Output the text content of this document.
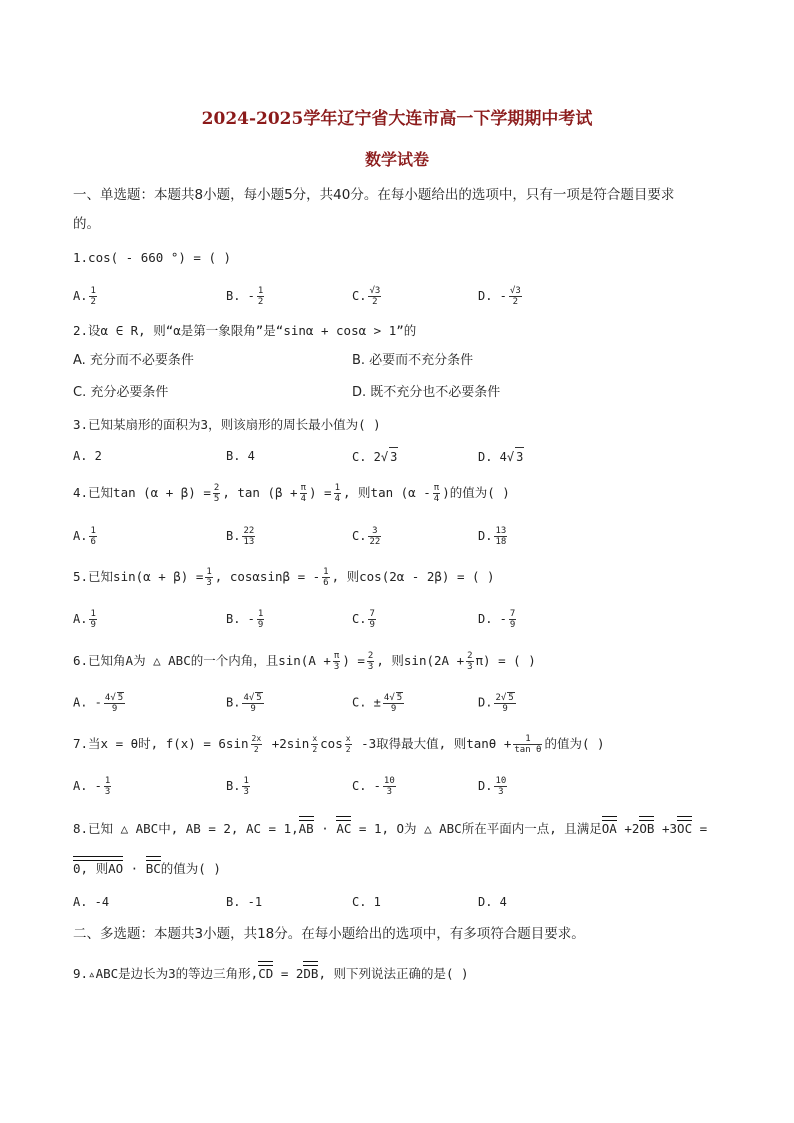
2024-2025学年辽宁省大连市高一下学期期中考试
数学试卷
一、单选题：本题共8小题，每小题5分，共40分。在每小题给出的选项中，只有一项是符合题目要求
的。
1.cos( - 660 °) = ( )
A. $\frac{1}{2}$	B. - $\frac{1}{2}$	C. $\frac{√3}{2}$	D. - $\frac{√3}{2}$
2.设α ∈ R, 则“α是第一象限角”是“sinα + cosα > 1”的
A. 充分而不必要条件	B. 必要而不充分条件
C. 充分必要条件	D. 既不充分也不必要条件
3.已知某扇形的面积为3，则该扇形的周长最小值为( )
A. 2	B. 4	C. 2√ 3	D. 4√ 3
4.已知$\tan (\alpha + \beta) = \frac{2}{5}$ , $\tan (\beta + \frac{\pi}{4}$ ) = $\frac{1}{4}$ , 则$\tan (\alpha - \frac{\pi}{4}$ )的值为( )
A. $\frac{1}{6}$	B. $\frac{22}{13}$	C. $\frac{3}{22}$	D. $\frac{13}{18}$
5.已知$\sin(\alpha + \beta) = \frac{1}{3}$ , cosαsinβ = - $\frac{1}{6}$ , 则cos(2α - 2β) = ( )
A. $\frac{1}{9}$	B. - $\frac{1}{9}$	C. $\frac{7}{9}$	D. - $\frac{7}{9}$
6.已知角A为 △ ABC的一个内角，且$\sin(A + \frac{\pi}{3}$ ) = $\frac{2}{3}$ , 则$\sin(2A + \frac{2}{3} \pi)$ = ( )
A. - $\frac{4√ 5}{9}$	B. $\frac{4√ 5}{9}$	C. ± $\frac{4√ 5}{9}$	D. $\frac{2√ 5}{9}$
7.当x = θ时, $f(x) = 6\sin \frac{2x}{2} +2\sin \frac{x}{2}$ $\cos \frac{x}{2} -3$取得最大值, 则$\tan\theta + \frac{1}{\text{tan θ}}$ 的值为( )
A. - $\frac{1}{3}$	B. $\frac{1}{3}$	C. - $\frac{10}{3}$	D. $\frac{10}{3}$
8.已知 △ ABC中, AB = 2, AC = 1,AB · AC = 1, O为 △ ABC所在平面内一点, 且满足OA +2OB +3OC =
0, 则AO · BC的值为( )
A. -4	B. -1	C. 1	D. 4
二、多选题：本题共3小题，共18分。在每小题给出的选项中，有多项符合题目要求。
9.▵ABC是边长为3的等边三角形,CD = 2DB, 则下列说法正确的是( )
